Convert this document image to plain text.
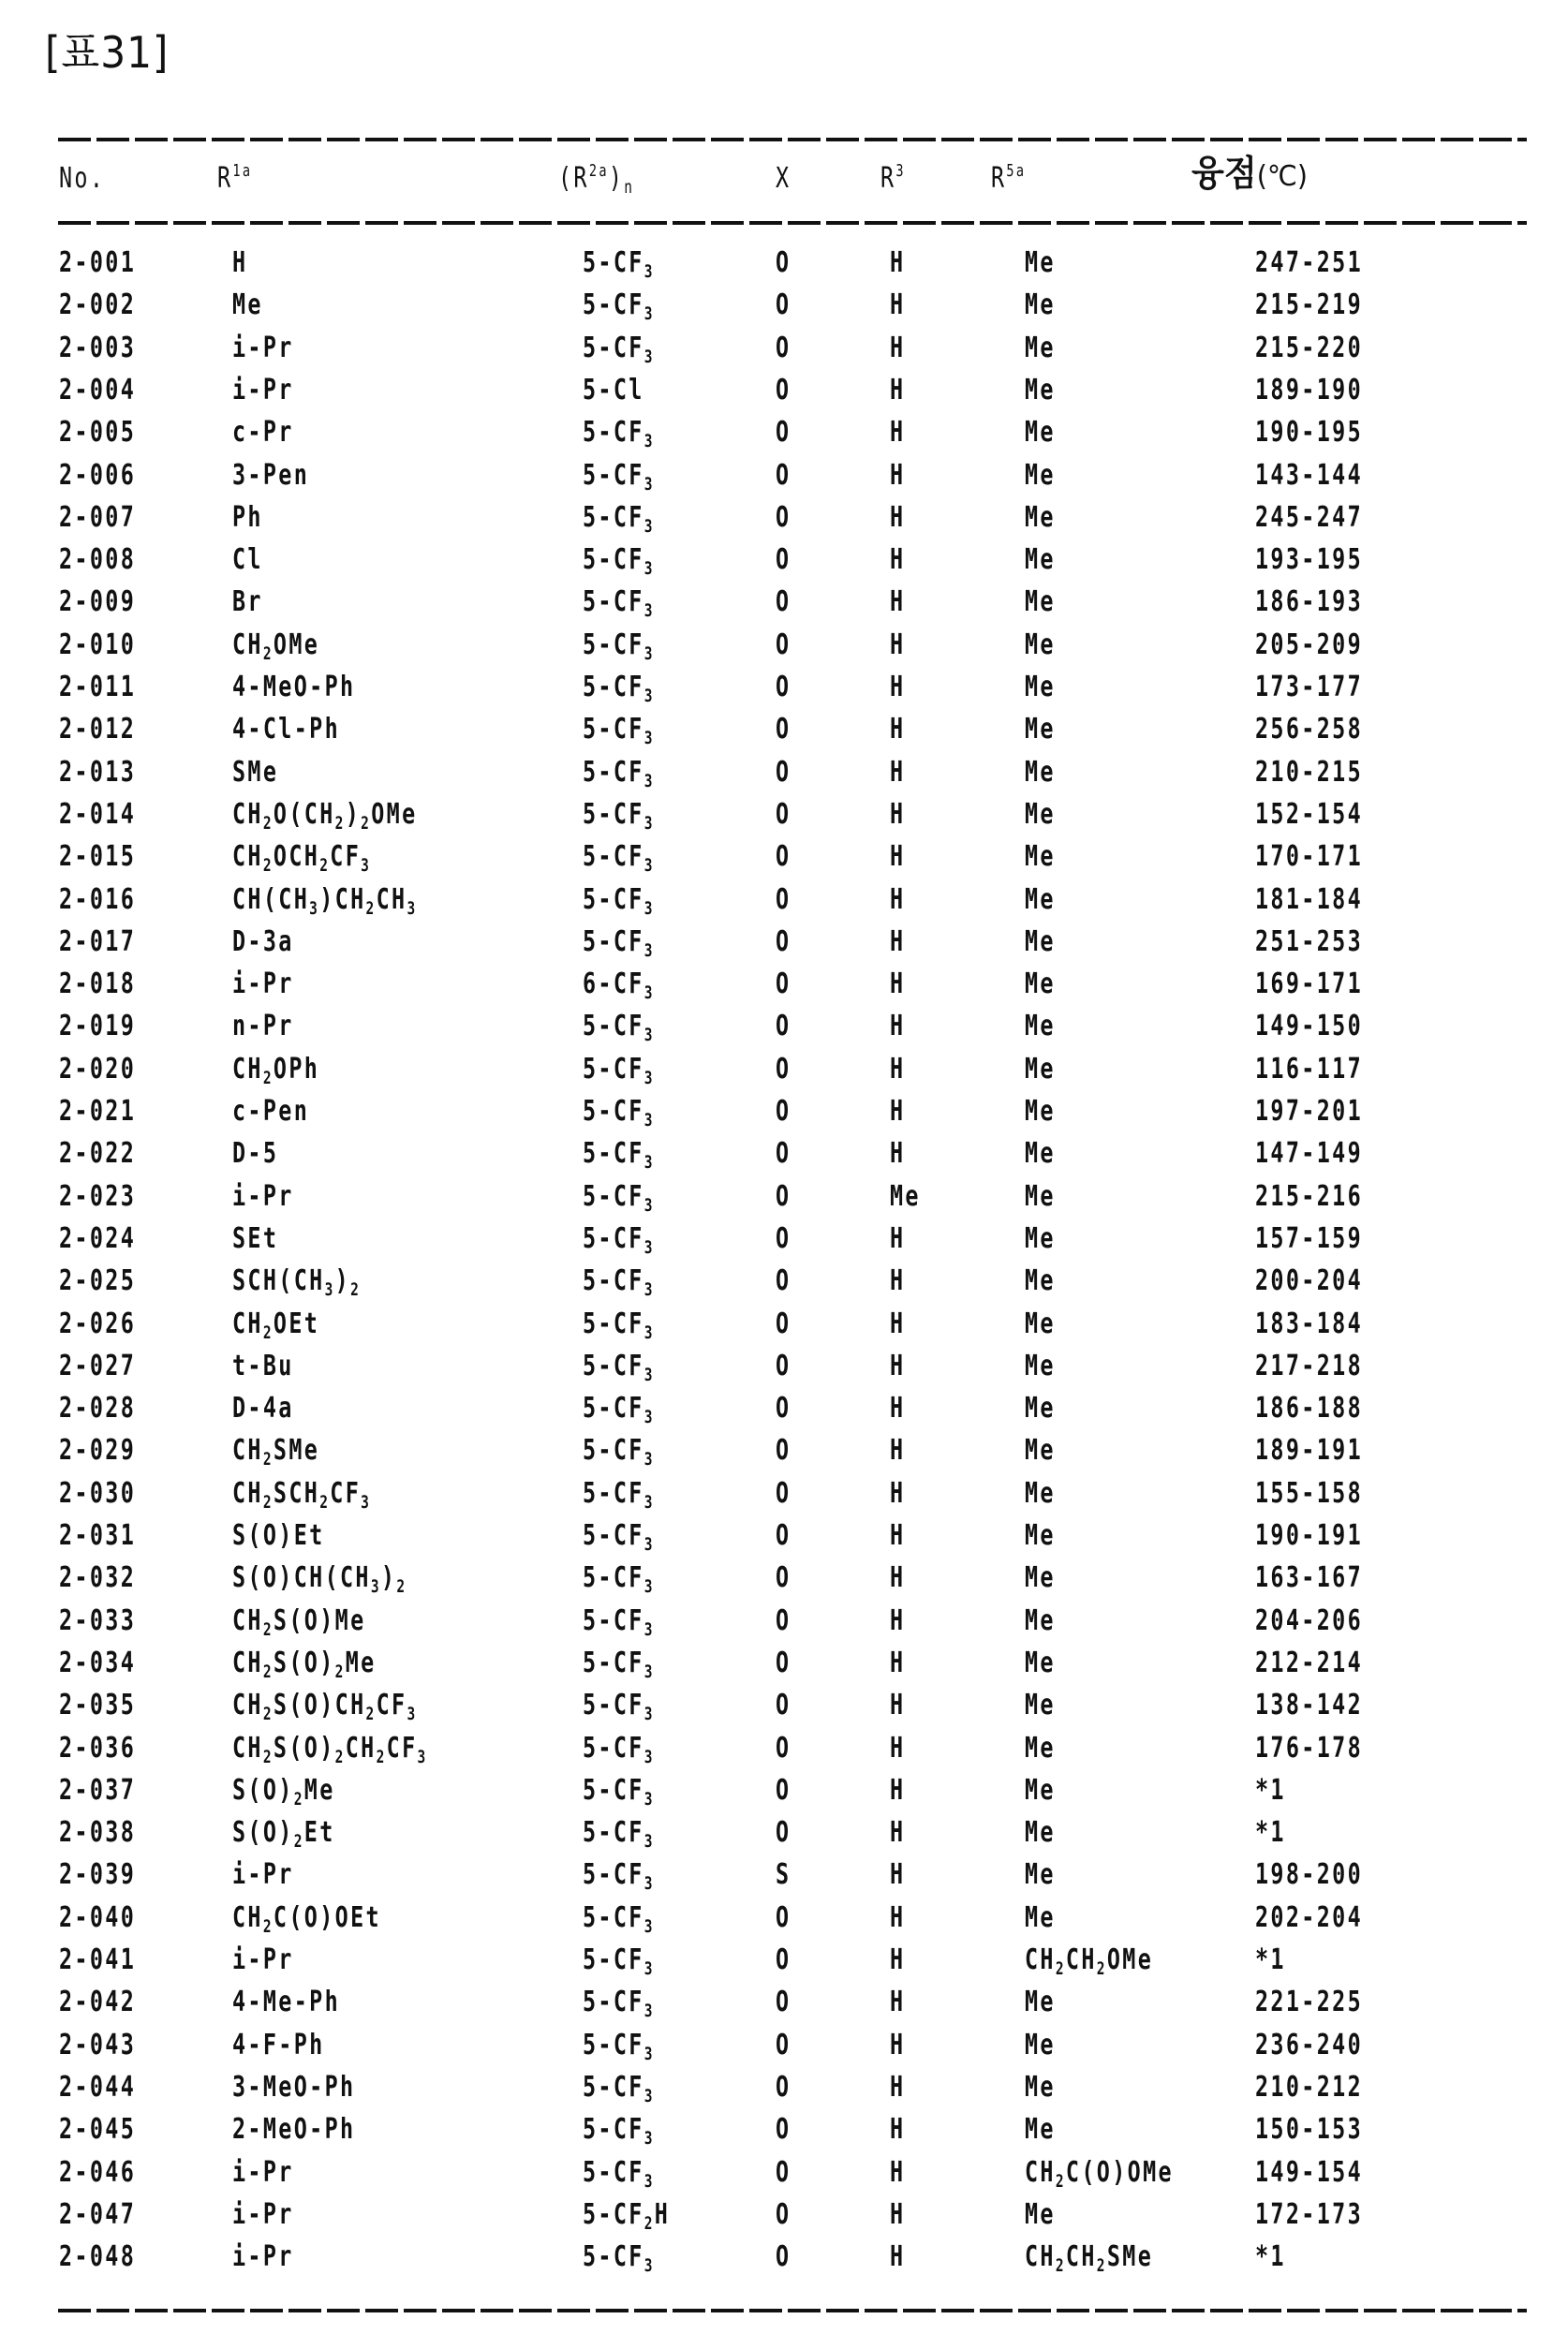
[표31]
No.	$R^{1a}$	$(R^{2a})_n$	X	$R^3$	$R^{5a}$	융점(℃)
2-001	H	$5-CF_3$	O	H	Me	247-251
2-002	Me	$5-CF_3$	O	H	Me	215-219
2-003	i-Pr	$5-CF_3$	O	H	Me	215-220
2-004	i-Pr	5-Cl	O	H	Me	189-190
2-005	c-Pr	$5-CF_3$	O	H	Me	190-195
2-006	3-Pen	$5-CF_3$	O	H	Me	143-144
2-007	Ph	$5-CF_3$	O	H	Me	245-247
2-008	Cl	$5-CF_3$	O	H	Me	193-195
2-009	Br	$5-CF_3$	O	H	Me	186-193
2-010	$CH_2OMe$	$5-CF_3$	O	H	Me	205-209
2-011	4-MeO-Ph	$5-CF_3$	O	H	Me	173-177
2-012	4-Cl-Ph	$5-CF_3$	O	H	Me	256-258
2-013	SMe	$5-CF_3$	O	H	Me	210-215
2-014	$CH_2O(CH_2)_2OMe$	$5-CF_3$	O	H	Me	152-154
2-015	$CH_2OCH_2CF_3$	$5-CF_3$	O	H	Me	170-171
2-016	$CH(CH_3)CH_2CH_3$	$5-CF_3$	O	H	Me	181-184
2-017	D-3a	$5-CF_3$	O	H	Me	251-253
2-018	i-Pr	$6-CF_3$	O	H	Me	169-171
2-019	n-Pr	$5-CF_3$	O	H	Me	149-150
2-020	$CH_2OPh$	$5-CF_3$	O	H	Me	116-117
2-021	c-Pen	$5-CF_3$	O	H	Me	197-201
2-022	D-5	$5-CF_3$	O	H	Me	147-149
2-023	i-Pr	$5-CF_3$	O	Me	Me	215-216
2-024	SEt	$5-CF_3$	O	H	Me	157-159
2-025	$SCH(CH_3)_2$	$5-CF_3$	O	H	Me	200-204
2-026	$CH_2OEt$	$5-CF_3$	O	H	Me	183-184
2-027	t-Bu	$5-CF_3$	O	H	Me	217-218
2-028	D-4a	$5-CF_3$	O	H	Me	186-188
2-029	$CH_2SMe$	$5-CF_3$	O	H	Me	189-191
2-030	$CH_2SCH_2CF_3$	$5-CF_3$	O	H	Me	155-158
2-031	S(O)Et	$5-CF_3$	O	H	Me	190-191
2-032	$S(O)CH(CH_3)_2$	$5-CF_3$	O	H	Me	163-167
2-033	$CH_2S(O)Me$	$5-CF_3$	O	H	Me	204-206
2-034	$CH_2S(O)_2Me$	$5-CF_3$	O	H	Me	212-214
2-035	$CH_2S(O)CH_2CF_3$	$5-CF_3$	O	H	Me	138-142
2-036	$CH_2S(O)_2CH_2CF_3$	$5-CF_3$	O	H	Me	176-178
2-037	$S(O)_2Me$	$5-CF_3$	O	H	Me	*1
2-038	$S(O)_2Et$	$5-CF_3$	O	H	Me	*1
2-039	i-Pr	$5-CF_3$	S	H	Me	198-200
2-040	$CH_2C(O)OEt$	$5-CF_3$	O	H	Me	202-204
2-041	i-Pr	$5-CF_3$	O	H	$CH_2CH_2OMe$	*1
2-042	4-Me-Ph	$5-CF_3$	O	H	Me	221-225
2-043	4-F-Ph	$5-CF_3$	O	H	Me	236-240
2-044	3-MeO-Ph	$5-CF_3$	O	H	Me	210-212
2-045	2-MeO-Ph	$5-CF_3$	O	H	Me	150-153
2-046	i-Pr	$5-CF_3$	O	H	$CH_2C(O)OMe$	149-154
2-047	i-Pr	$5-CF_2H$	O	H	Me	172-173
2-048	i-Pr	$5-CF_3$	O	H	$CH_2CH_2SMe$	*1
